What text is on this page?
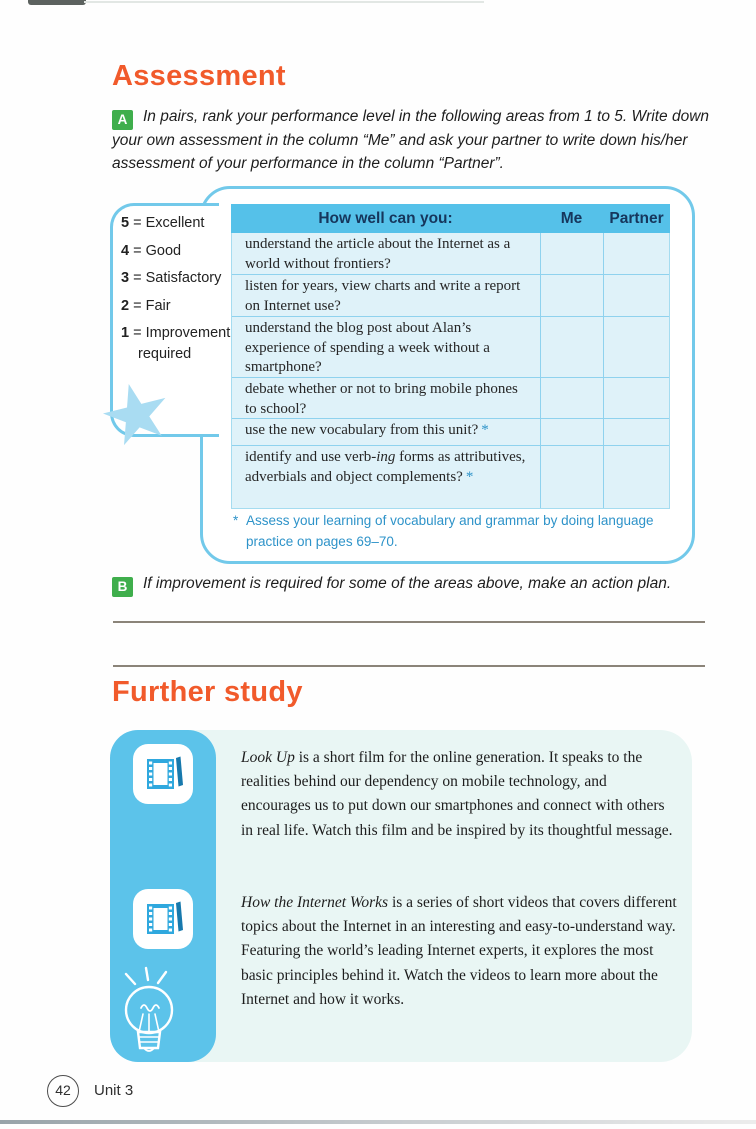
Assessment

A In pairs, rank your performance level in the following areas from 1 to 5. Write down your own assessment in the column “Me” and ask your partner to write down his/her assessment of your performance in the column “Partner”.

5 = Excellent
4 = Good
3 = Satisfactory
2 = Fair
1 = Improvement
required
How well can you:	Me	Partner
understand the article about the Internet as a world without frontiers?
listen for years, view charts and write a report on Internet use?
understand the blog post about Alan’s experience of spending a week without a smartphone?
debate whether or not to bring mobile phones to school?
use the new vocabulary from this unit? *
identify and use verb-ing forms as attributives, adverbials and object complements? *
* Assess your learning of vocabulary and grammar by doing language practice on pages 69–70.

B If improvement is required for some of the areas above, make an action plan.

Further study

Look Up is a short film for the online generation. It speaks to the realities behind our dependency on mobile technology, and encourages us to put down our smartphones and connect with others in real life. Watch this film and be inspired by its thoughtful message.

How the Internet Works is a series of short videos that covers different topics about the Internet in an interesting and easy-to-understand way. Featuring the world’s leading Internet experts, it explores the most basic principles behind it. Watch the videos to learn more about the Internet and how it works.

42	Unit 3
